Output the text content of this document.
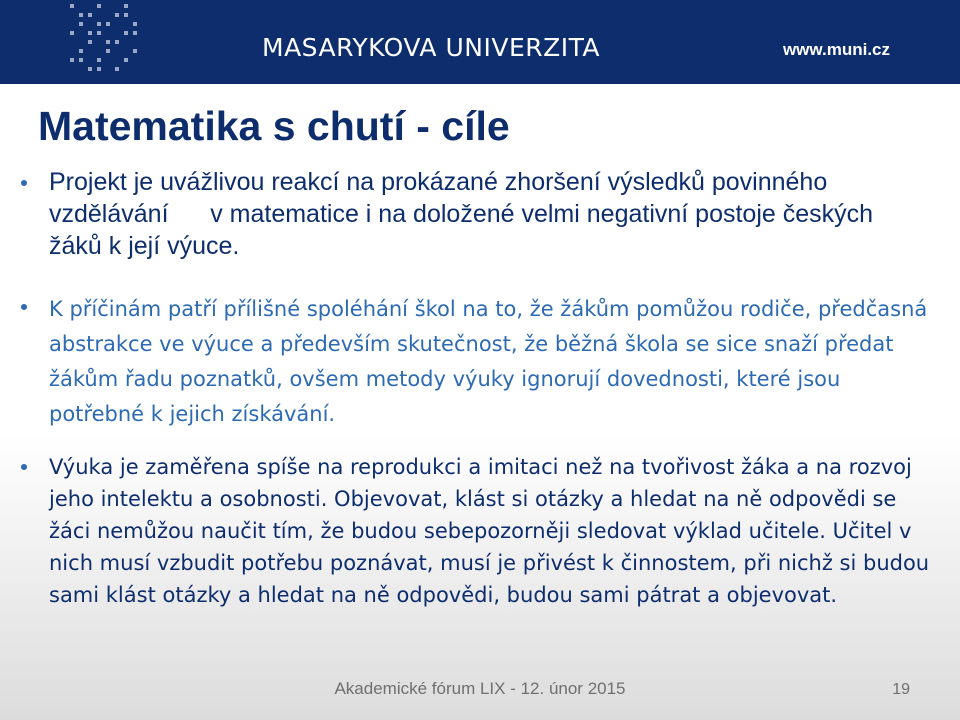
MASARYKOVA UNIVERZITA	www.muni.cz
Matematika s chutí - cíle
Projekt je uvážlivou reakcí na prokázané zhoršení výsledků povinného
vzdělávání      v matematice i na doložené velmi negativní postoje českých
žáků k její výuce.
K příčinám patří přílišné spoléhání škol na to, že žákům pomůžou rodiče, předčasná abstrakce ve výuce a především skutečnost, že běžná škola se sice snaží předat žákům řadu poznatků, ovšem metody výuky ignorují dovednosti, které jsou potřebné k jejich získávání.
Výuka je zaměřena spíše na reprodukci a imitaci než na tvořivost žáka a na rozvoj jeho intelektu a osobnosti. Objevovat, klást si otázky a hledat na ně odpovědi se žáci nemůžou naučit tím, že budou sebepozorněji sledovat výklad učitele. Učitel v nich musí vzbudit potřebu poznávat, musí je přivést k činnostem, při nichž si budou sami klást otázky a hledat na ně odpovědi, budou sami pátrat a objevovat.
Akademické fórum LIX - 12. únor 2015	19
